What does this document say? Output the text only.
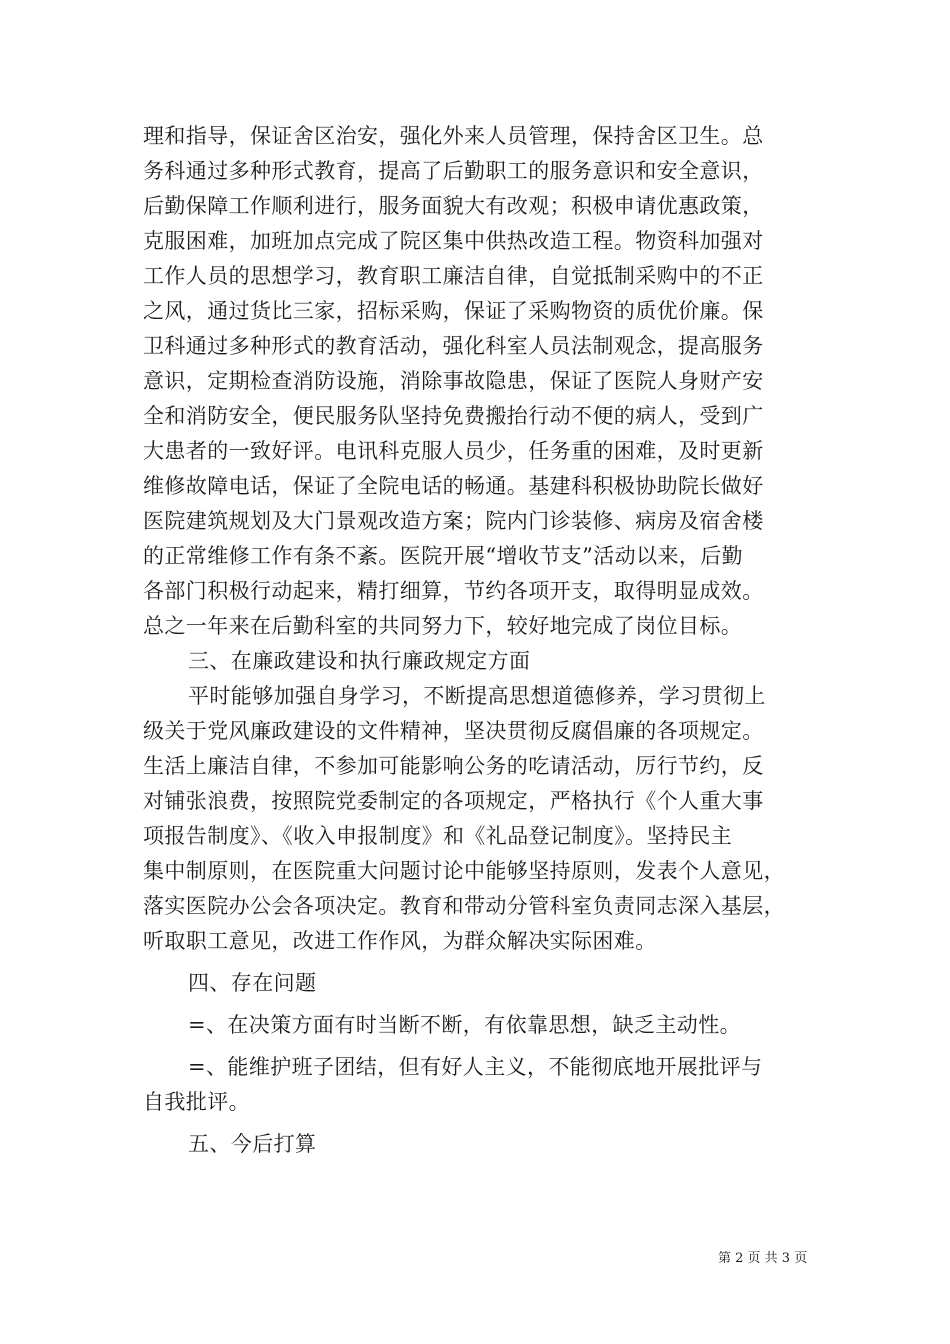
理和指导，保证舍区治安，强化外来人员管理，保持舍区卫生。总
务科通过多种形式教育，提高了后勤职工的服务意识和安全意识，
后勤保障工作顺利进行，服务面貌大有改观；积极申请优惠政策，
克服困难，加班加点完成了院区集中供热改造工程。物资科加强对
工作人员的思想学习，教育职工廉洁自律，自觉抵制采购中的不正
之风，通过货比三家，招标采购，保证了采购物资的质优价廉。保
卫科通过多种形式的教育活动，强化科室人员法制观念，提高服务
意识，定期检查消防设施，消除事故隐患，保证了医院人身财产安
全和消防安全，便民服务队坚持免费搬抬行动不便的病人，受到广
大患者的一致好评。电讯科克服人员少，任务重的困难，及时更新
维修故障电话，保证了全院电话的畅通。基建科积极协助院长做好
医院建筑规划及大门景观改造方案；院内门诊装修、病房及宿舍楼
的正常维修工作有条不紊。医院开展“增收节支”活动以来，后勤
各部门积极行动起来，精打细算，节约各项开支，取得明显成效。
总之一年来在后勤科室的共同努力下，较好地完成了岗位目标。
三、在廉政建设和执行廉政规定方面
平时能够加强自身学习，不断提高思想道德修养，学习贯彻上
级关于党风廉政建设的文件精神，坚决贯彻反腐倡廉的各项规定。
生活上廉洁自律，不参加可能影响公务的吃请活动，厉行节约，反
对铺张浪费，按照院党委制定的各项规定，严格执行《个人重大事
项报告制度》、《收入申报制度》和《礼品登记制度》。坚持民主
集中制原则，在医院重大问题讨论中能够坚持原则，发表个人意见，
落实医院办公会各项决定。教育和带动分管科室负责同志深入基层，
听取职工意见，改进工作作风，为群众解决实际困难。
四、存在问题
=、在决策方面有时当断不断，有依靠思想，缺乏主动性。
=、能维护班子团结，但有好人主义，不能彻底地开展批评与
自我批评。
五、今后打算
第 2 页 共 3 页
